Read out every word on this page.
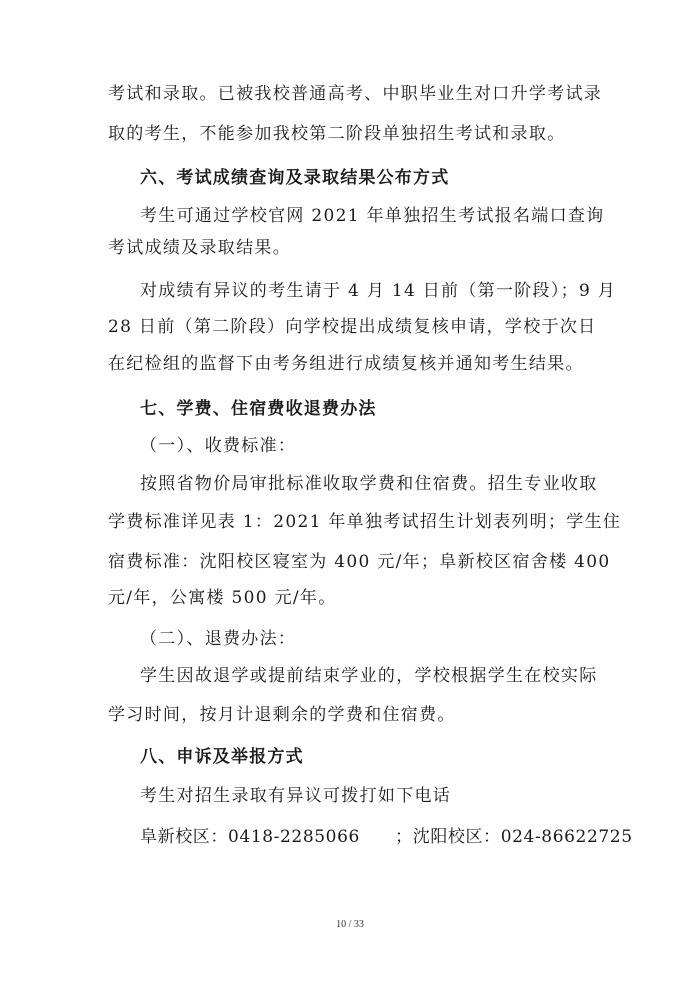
考试和录取。已被我校普通高考、中职毕业生对口升学考试录
取的考生，不能参加我校第二阶段单独招生考试和录取。
六、考试成绩查询及录取结果公布方式
考生可通过学校官网 2021 年单独招生考试报名端口查询
考试成绩及录取结果。
对成绩有异议的考生请于 4 月 14 日前（第一阶段）；9 月
28 日前（第二阶段）向学校提出成绩复核申请，学校于次日
在纪检组的监督下由考务组进行成绩复核并通知考生结果。
七、学费、住宿费收退费办法
（一）、收费标准：
按照省物价局审批标准收取学费和住宿费。招生专业收取
学费标准详见表 1：2021 年单独考试招生计划表列明；学生住
宿费标准：沈阳校区寝室为 400 元/年；阜新校区宿舍楼 400
元/年，公寓楼 500 元/年。
（二）、退费办法：
学生因故退学或提前结束学业的，学校根据学生在校实际
学习时间，按月计退剩余的学费和住宿费。
八、申诉及举报方式
考生对招生录取有异议可拨打如下电话
阜新校区：0418-2285066　　；沈阳校区：024-86622725
10 / 33
